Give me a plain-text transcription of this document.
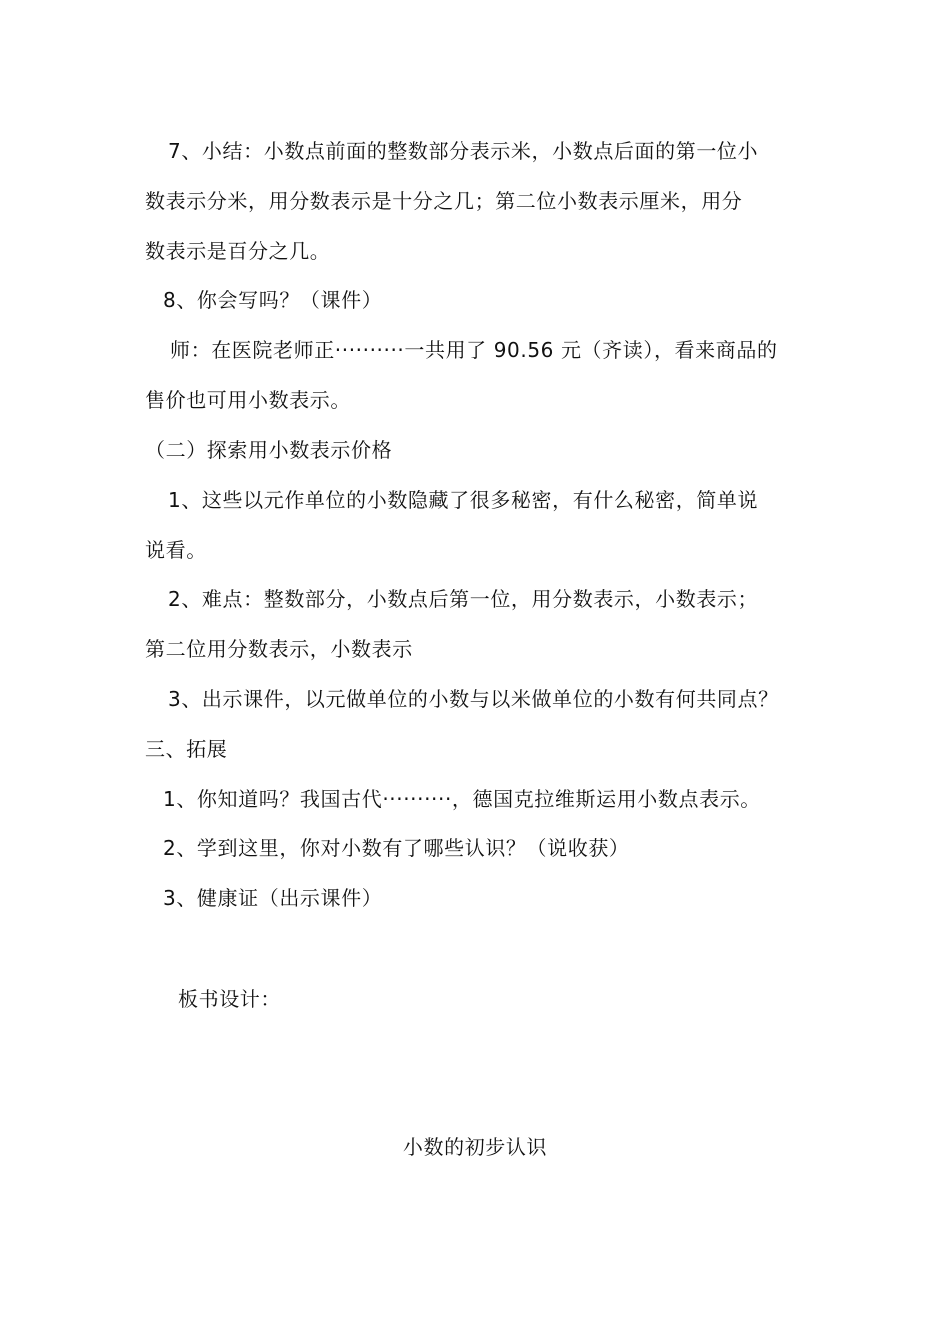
7、小结：小数点前面的整数部分表示米，小数点后面的第一位小
数表示分米，用分数表示是十分之几；第二位小数表示厘米，用分
数表示是百分之几。
8、你会写吗？（课件）
师：在医院老师正··········一共用了 90.56 元（齐读），看来商品的
售价也可用小数表示。
（二）探索用小数表示价格
1、这些以元作单位的小数隐藏了很多秘密，有什么秘密，简单说
说看。
2、难点：整数部分，小数点后第一位，用分数表示，小数表示；
第二位用分数表示，小数表示
3、出示课件，以元做单位的小数与以米做单位的小数有何共同点？
三、拓展
1、你知道吗？我国古代··········，德国克拉维斯运用小数点表示。
2、学到这里，你对小数有了哪些认识？（说收获）
3、健康证（出示课件）
板书设计：
小数的初步认识
